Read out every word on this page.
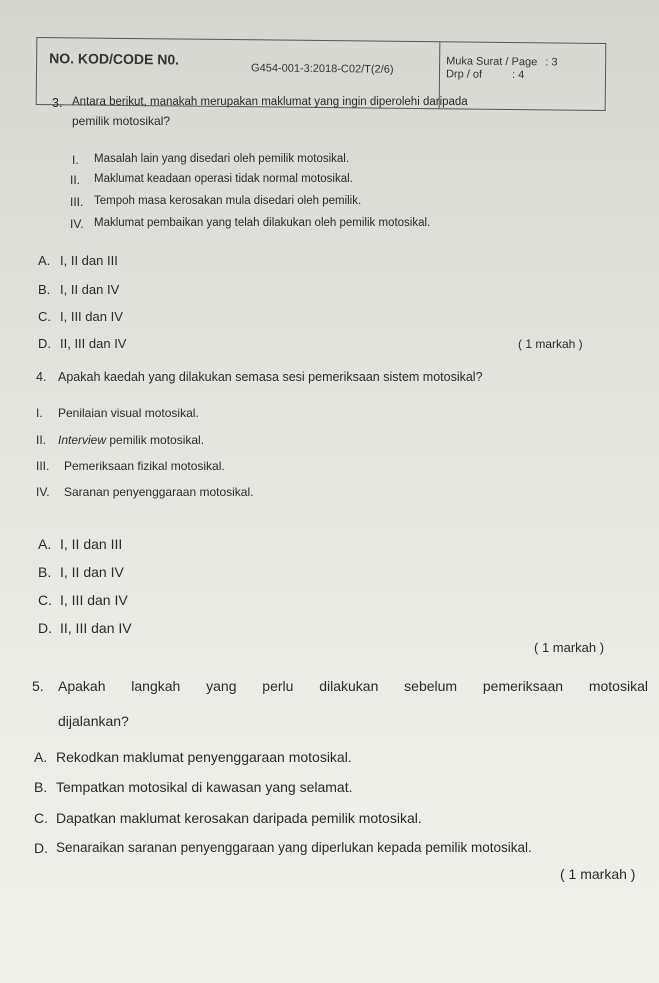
NO. KOD/CODE N0.
G454-001-3:2018-C02/T(2/6)
Muka Surat / Page : 3
Drp / of	: 4
3. Antara berikut, manakah merupakan maklumat yang ingin diperolehi daripada
pemilik motosikal?
I. Masalah lain yang disedari oleh pemilik motosikal.
II. Maklumat keadaan operasi tidak normal motosikal.
III. Tempoh masa kerosakan mula disedari oleh pemilik.
IV. Maklumat pembaikan yang telah dilakukan oleh pemilik motosikal.
A. I, II dan III
B. I, II dan IV
C. I, III dan IV
D. II, III dan IV	( 1 markah )
4. Apakah kaedah yang dilakukan semasa sesi pemeriksaan sistem motosikal?
I. Penilaian visual motosikal.
II. Interview pemilik motosikal.
III. Pemeriksaan fizikal motosikal.
IV. Saranan penyenggaraan motosikal.
A. I, II dan III
B. I, II dan IV
C. I, III dan IV
D. II, III dan IV
( 1 markah )
5. Apakah langkah yang perlu dilakukan sebelum pemeriksaan motosikal
dijalankan?
A. Rekodkan maklumat penyenggaraan motosikal.
B. Tempatkan motosikal di kawasan yang selamat.
C. Dapatkan maklumat kerosakan daripada pemilik motosikal.
D. Senaraikan saranan penyenggaraan yang diperlukan kepada pemilik motosikal.
( 1 markah )
